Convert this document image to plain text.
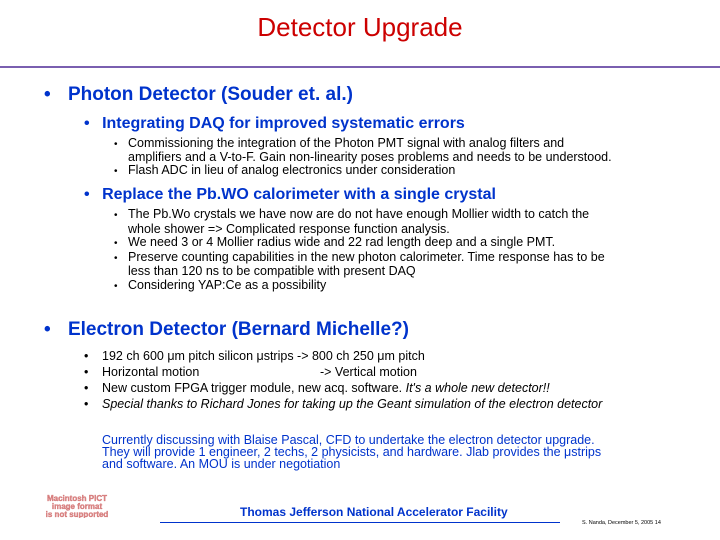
Detector Upgrade
• Photon Detector (Souder et. al.)
• Integrating DAQ for improved systematic errors
• Commissioning the integration of the Photon PMT signal with analog filters and
amplifiers and a V-to-F. Gain non-linearity poses problems and needs to be understood.
• Flash ADC in lieu of analog electronics under consideration
• Replace the Pb.WO calorimeter with a single crystal
• The Pb.Wo crystals we have now are do not have enough Mollier width to catch the
whole shower => Complicated response function analysis.
• We need 3 or 4 Mollier radius wide and 22 rad length deep and a single PMT.
• Preserve counting capabilities in the new photon calorimeter. Time response has to be
less than 120 ns to be compatible with present DAQ
• Considering YAP:Ce as a possibility
• Electron Detector (Bernard Michelle?)
• 192 ch 600 μm pitch silicon μstrips -> 800 ch 250 μm pitch
• Horizontal motion	-> Vertical motion
• New custom FPGA trigger module, new acq. software. It's a whole new detector!!
• Special thanks to Richard Jones for taking up the Geant simulation of the electron detector
Currently discussing with Blaise Pascal, CFD to undertake the electron detector upgrade.
They will provide 1 engineer, 2 techs, 2 physicists, and hardware. Jlab provides the μstrips
and software. An MOU is under negotiation
Macintosh PICT
image format
is not supported	Thomas Jefferson National Accelerator Facility
S. Nanda, December 5, 2005 14
